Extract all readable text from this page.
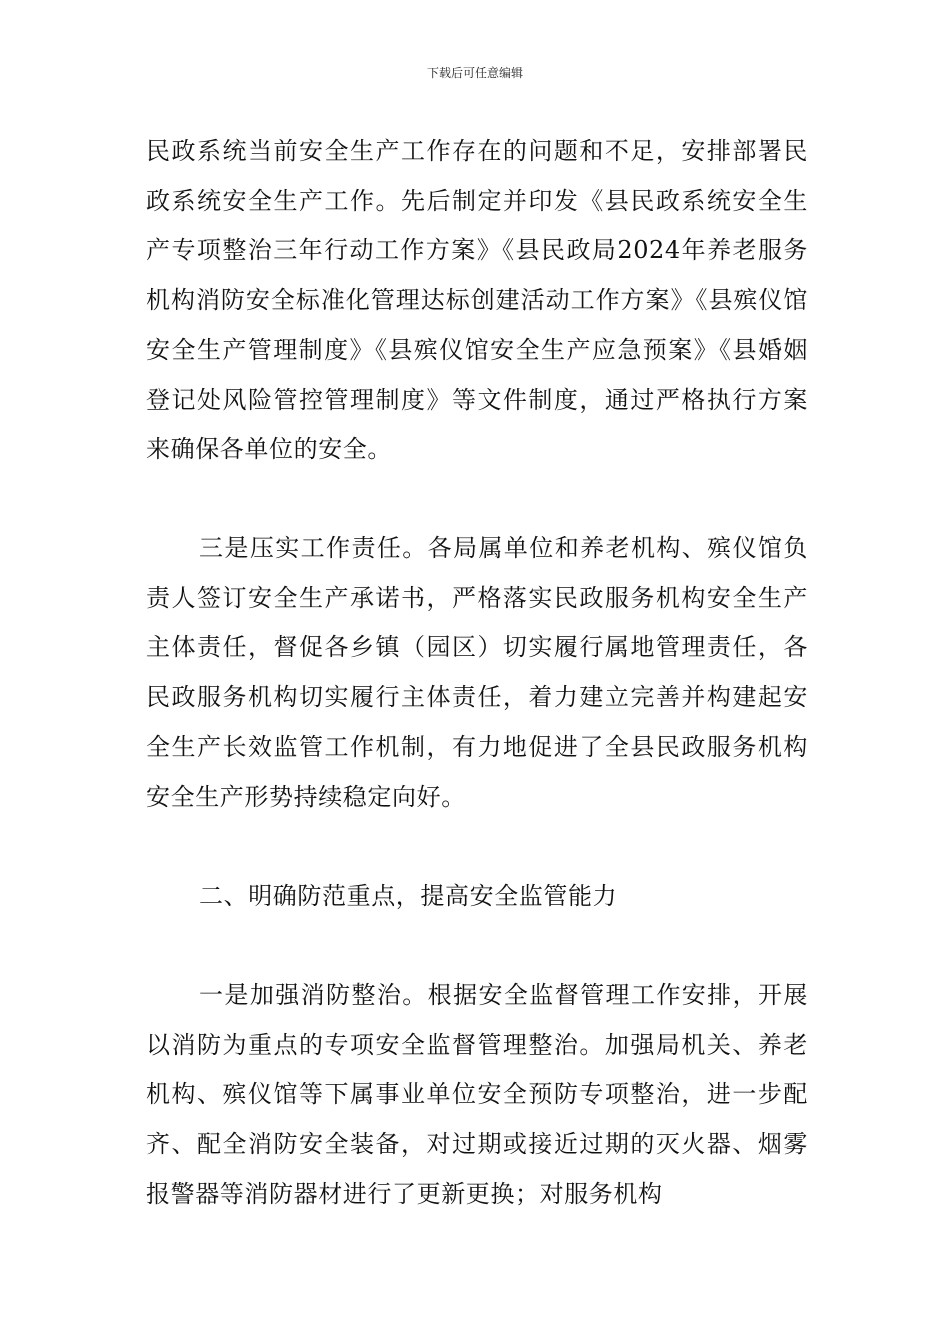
下载后可任意编辑

民政系统当前安全生产工作存在的问题和不足，安排部署民政系统安全生产工作。先后制定并印发《县民政系统安全生产专项整治三年行动工作方案》《县民政局2024年养老服务机构消防安全标准化管理达标创建活动工作方案》《县殡仪馆安全生产管理制度》《县殡仪馆安全生产应急预案》《县婚姻登记处风险管控管理制度》等文件制度，通过严格执行方案来确保各单位的安全。

三是压实工作责任。各局属单位和养老机构、殡仪馆负责人签订安全生产承诺书，严格落实民政服务机构安全生产主体责任，督促各乡镇（园区）切实履行属地管理责任，各民政服务机构切实履行主体责任，着力建立完善并构建起安全生产长效监管工作机制，有力地促进了全县民政服务机构安全生产形势持续稳定向好。

二、明确防范重点，提高安全监管能力

一是加强消防整治。根据安全监督管理工作安排，开展以消防为重点的专项安全监督管理整治。加强局机关、养老机构、殡仪馆等下属事业单位安全预防专项整治，进一步配齐、配全消防安全装备，对过期或接近过期的灭火器、烟雾报警器等消防器材进行了更新更换；对服务机构
